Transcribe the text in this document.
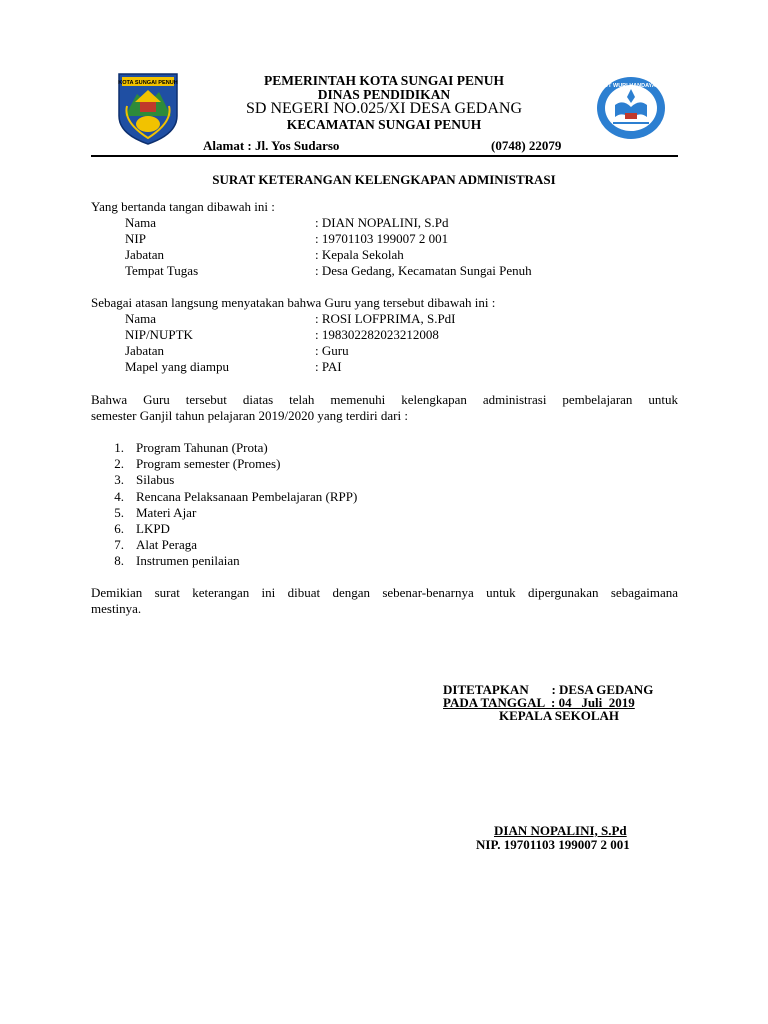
KOTA SUNGAI PENUH	TUT WURI HANDAYANI
PEMERINTAH KOTA SUNGAI PENUH
DINAS PENDIDIKAN
SD NEGERI NO.025/XI DESA GEDANG
KECAMATAN SUNGAI PENUH
Alamat : Jl. Yos Sudarso	(0748) 22079
SURAT KETERANGAN KELENGKAPAN ADMINISTRASI
Yang bertanda tangan dibawah ini :
Nama	: DIAN NOPALINI, S.Pd
NIP	: 19701103 199007 2 001
Jabatan	: Kepala Sekolah
Tempat Tugas	: Desa Gedang, Kecamatan Sungai Penuh
Sebagai atasan langsung menyatakan bahwa Guru yang tersebut dibawah ini :
Nama	: ROSI LOFPRIMA, S.PdI
NIP/NUPTK	: 198302282023212008
Jabatan	: Guru
Mapel yang diampu	: PAI
Bahwa Guru tersebut diatas telah memenuhi kelengkapan administrasi pembelajaran untuk
semester Ganjil tahun pelajaran 2019/2020 yang terdiri dari :
1. Program Tahunan (Prota)
2. Program semester (Promes)
3. Silabus
4. Rencana Pelaksanaan Pembelajaran (RPP)
5. Materi Ajar
6. LKPD
7. Alat Peraga
8. Instrumen penilaian
Demikian surat keterangan ini dibuat dengan sebenar-benarnya untuk dipergunakan sebagaimana
mestinya.
DITETAPKAN       : DESA GEDANG
PADA TANGGAL  : 04   Juli  2019
KEPALA SEKOLAH
DIAN NOPALINI, S.Pd
NIP. 19701103 199007 2 001
